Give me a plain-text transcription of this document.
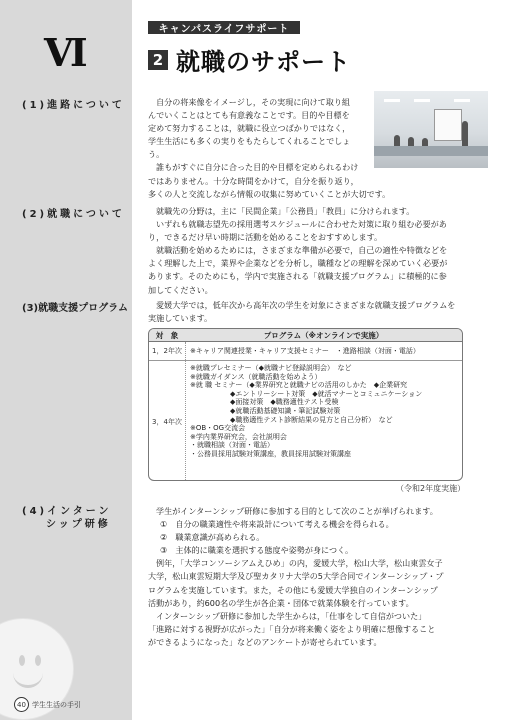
Ⅵ
40 学生生活の手引
キャンパスライフサポート
2 就職のサポート
(1)進路について	自分の将来像をイメージし，その実現に向けて取り組
んでいくことはとても有意義なことです。目的や目標を
定めて努力することは，就職に役立つばかりではなく，
学生生活にも多くの実りをもたらしてくれることでしょ
う。
誰もがすぐに自分に合った目的や目標を定められるわけ
ではありません。十分な時間をかけて，自分を振り返り，
多くの人と交流しながら情報の収集に努めていくことが大切です。
(2)就職について	就職先の分野は，主に「民間企業」「公務員」「教員」に分けられます。
いずれも就職志望先の採用選考スケジュールに合わせた対策に取り組む必要があ
り，できるだけ早い時期に活動を始めることをおすすめします。
就職活動を始めるためには，さまざまな準備が必要で，自己の適性や特徴などを
よく理解した上で，業界や企業などを分析し，職種などの理解を深めていく必要が
あります。そのためにも，学内で実施される「就職支援プログラム」に積極的に参
加してください。
(3)就職支援プログラム	愛媛大学では，低年次から高年次の学生を対象にさまざまな就職支援プログラムを
実施しています。
対　象	プログラム（※オンラインで実施）
1，2年次	※キャリア関連授業・キャリア支援セミナー　・進路相談（対面・電話）
3，4年次
※就職プレセミナー（◆就職ナビ登録説明会）　など
※就職ガイダンス（就職活動を始めよう）
※就 職 セミナー（◆業界研究と就職ナビの活用のしかた　◆企業研究
◆エントリーシート対策　◆就活マナーとコミュニケーション
◆面接対策　◆職務適性テスト受検
◆就職活動基礎知識・筆記試験対策
◆職務適性テスト診断結果の見方と自己分析）　など
※OB・OG交流会
※学内業界研究会，会社説明会
・就職相談（対面・電話）
・公務員採用試験対策講座，教員採用試験対策講座
（令和2年度実施）
(4)インターン
シップ研修
学生がインターンシップ研修に参加する目的として次のことが挙げられます。
①　自分の職業適性や将来設計について考える機会を得られる。
②　職業意識が高められる。
③　主体的に職業を選択する態度や姿勢が身につく。
例年，「大学コンソーシアムえひめ」の内，愛媛大学，松山大学，松山東雲女子
大学，松山東雲短期大学及び聖カタリナ大学の5大学合同でインターンシップ・プ
ログラムを実施しています。また，その他にも愛媛大学独自のインターンシップ
活動があり，約600名の学生が各企業・団体で就業体験を行っています。
インターンシップ研修に参加した学生からは，「仕事をして自信がついた」
「進路に対する視野が広がった」「自分が将来働く姿をより明確に想像すること
ができるようになった」などのアンケートが寄せられています。
